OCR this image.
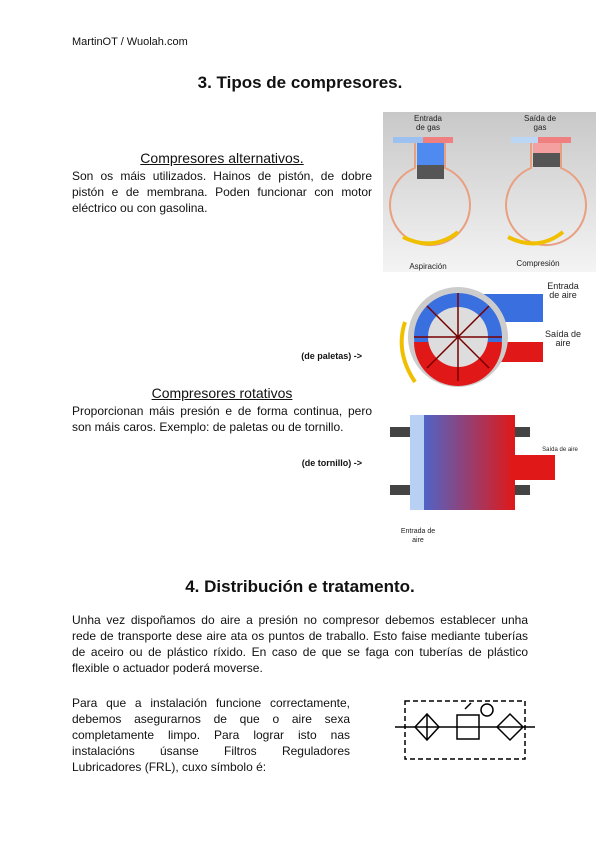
MartinOT / Wuolah.com
3. Tipos de compresores.
Compresores alternativos.
Son os máis utilizados. Hainos de pistón, de dobre pistón e de membrana. Poden funcionar con motor eléctrico ou con gasolina.
Entrada de gas
Saída de gas
Aspiración	Compresión
(de paletas) ->
Entrada de aire
Saída de aire
Compresores rotativos
Proporcionan máis presión e de forma continua, pero son máis caros. Exemplo: de paletas ou de tornillo.
(de tornillo) ->
Saída de aire
Entrada de aire
4. Distribución e tratamento.
Unha vez dispoñamos do aire a presión no compresor debemos establecer unha rede de transporte dese aire ata os puntos de traballo. Esto faise mediante tuberías de aceiro ou de plástico ríxido. En caso de que se faga con tuberías de plástico flexible o actuador poderá moverse.
Para que a instalación funcione correctamente, debemos asegurarnos de que o aire sexa completamente limpo. Para lograr isto nas instalacións úsanse Filtros Reguladores Lubricadores (FRL), cuxo símbolo é:
